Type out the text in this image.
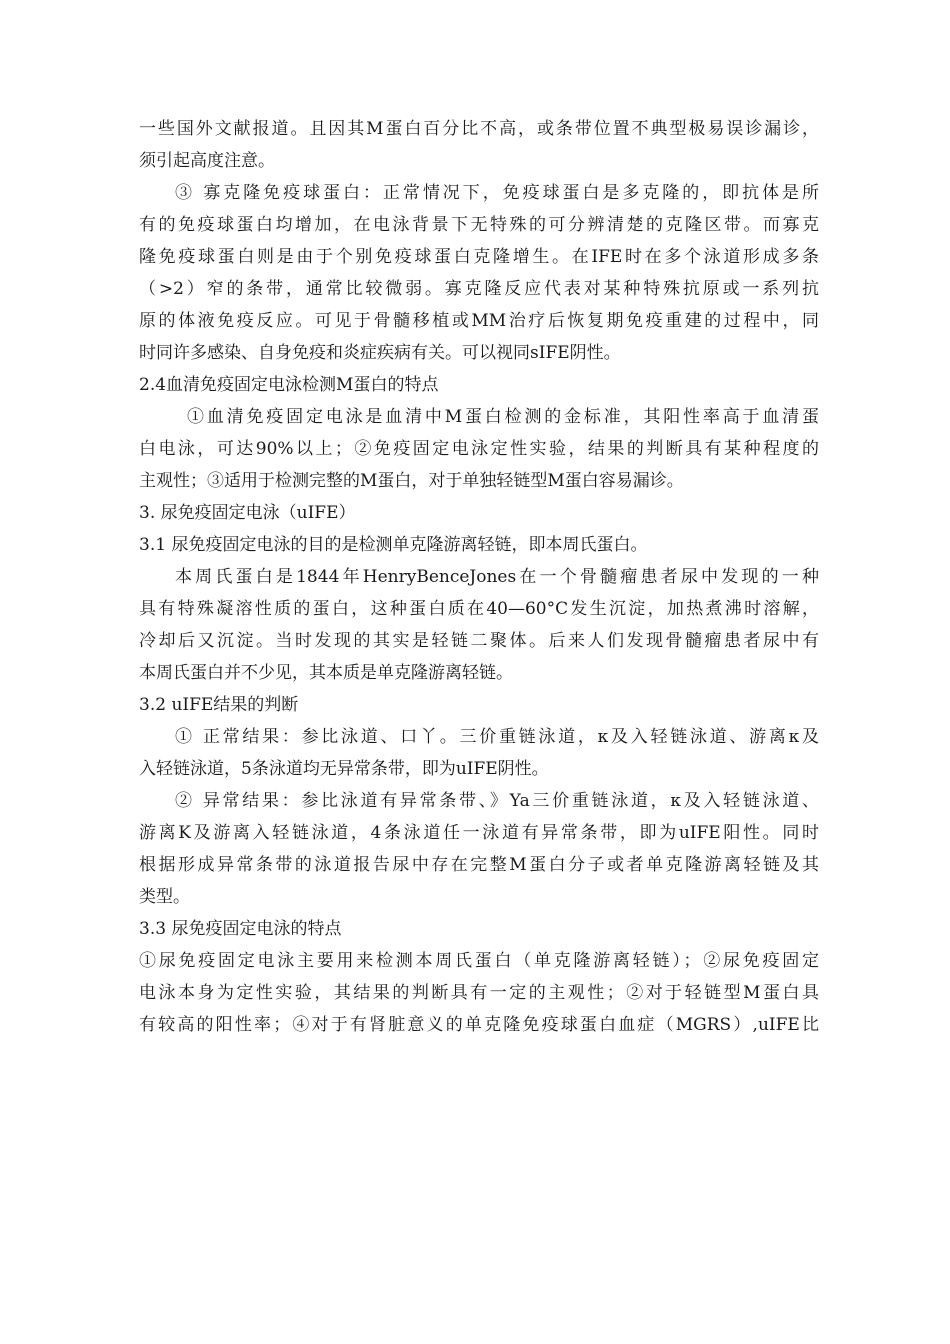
一些国外文献报道。且因其M蛋白百分比不高，或条带位置不典型极易误诊漏诊，
须引起高度注意。
③ 寡克隆免疫球蛋白：正常情况下，免疫球蛋白是多克隆的，即抗体是所
有的免疫球蛋白均增加，在电泳背景下无特殊的可分辨清楚的克隆区带。而寡克
隆免疫球蛋白则是由于个别免疫球蛋白克隆增生。在IFE时在多个泳道形成多条
（>2）窄的条带，通常比较微弱。寡克隆反应代表对某种特殊抗原或一系列抗
原的体液免疫反应。可见于骨髓移植或MM治疗后恢复期免疫重建的过程中，同
时同许多感染、自身免疫和炎症疾病有关。可以视同sIFE阴性。
2.4血清免疫固定电泳检测M蛋白的特点
①血清免疫固定电泳是血清中M蛋白检测的金标准，其阳性率高于血清蛋
白电泳，可达90%以上；②免疫固定电泳定性实验，结果的判断具有某种程度的
主观性；③适用于检测完整的M蛋白，对于单独轻链型M蛋白容易漏诊。
3. 尿免疫固定电泳（uIFE）
3.1 尿免疫固定电泳的目的是检测单克隆游离轻链，即本周氏蛋白。
本周氏蛋白是1844年HenryBenceJones在一个骨髓瘤患者尿中发现的一种
具有特殊凝溶性质的蛋白，这种蛋白质在40—60°C发生沉淀，加热煮沸时溶解，
冷却后又沉淀。当时发现的其实是轻链二聚体。后来人们发现骨髓瘤患者尿中有
本周氏蛋白并不少见，其本质是单克隆游离轻链。
3.2 uIFE结果的判断
① 正常结果：参比泳道、口丫。三价重链泳道，κ及入轻链泳道、游离κ及
入轻链泳道，5条泳道均无异常条带，即为uIFE阴性。
② 异常结果：参比泳道有异常条带、》Ya三价重链泳道，κ及入轻链泳道、
游离K及游离入轻链泳道，4条泳道任一泳道有异常条带，即为uIFE阳性。同时
根据形成异常条带的泳道报告尿中存在完整M蛋白分子或者单克隆游离轻链及其
类型。
3.3 尿免疫固定电泳的特点
①尿免疫固定电泳主要用来检测本周氏蛋白（单克隆游离轻链）；②尿免疫固定
电泳本身为定性实验，其结果的判断具有一定的主观性；②对于轻链型M蛋白具
有较高的阳性率；④对于有肾脏意义的单克隆免疫球蛋白血症（MGRS）,uIFE比
